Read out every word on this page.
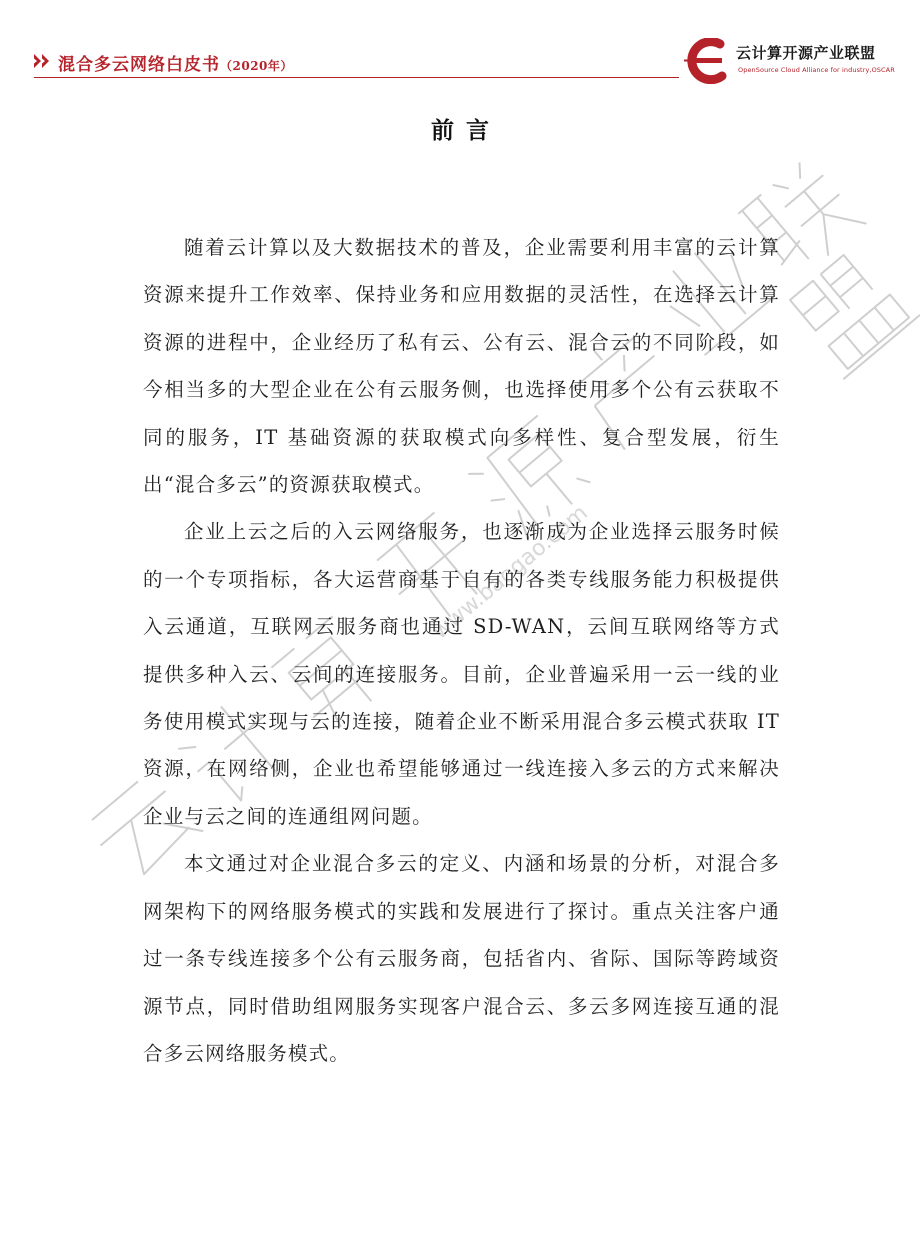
混合多云网络白皮书（2020年）
云计算开源产业联盟
OpenSource Cloud Alliance for industry,OSCAR
www.baogao.com
前言

随着云计算以及大数据技术的普及，企业需要利用丰富的云计算资源来提升工作效率、保持业务和应用数据的灵活性，在选择云计算资源的进程中，企业经历了私有云、公有云、混合云的不同阶段，如今相当多的大型企业在公有云服务侧，也选择使用多个公有云获取不同的服务，IT 基础资源的获取模式向多样性、复合型发展，衍生出“混合多云”的资源获取模式。

企业上云之后的入云网络服务，也逐渐成为企业选择云服务时候的一个专项指标，各大运营商基于自有的各类专线服务能力积极提供入云通道，互联网云服务商也通过 SD-WAN，云间互联网络等方式提供多种入云、云间的连接服务。目前，企业普遍采用一云一线的业务使用模式实现与云的连接，随着企业不断采用混合多云模式获取 IT 资源，在网络侧，企业也希望能够通过一线连接入多云的方式来解决企业与云之间的连通组网问题。

本文通过对企业混合多云的定义、内涵和场景的分析，对混合多网架构下的网络服务模式的实践和发展进行了探讨。重点关注客户通过一条专线连接多个公有云服务商，包括省内、省际、国际等跨域资源节点，同时借助组网服务实现客户混合云、多云多网连接互通的混合多云网络服务模式。
